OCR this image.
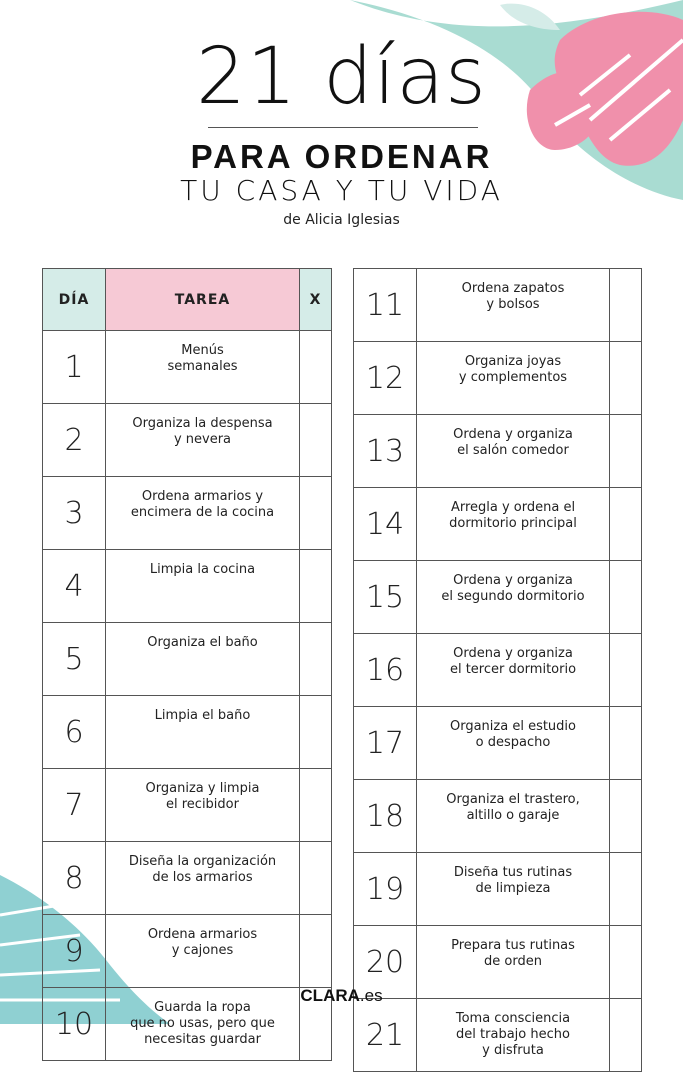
21 días
PARA ORDENAR
TU CASA Y TU VIDA
de Alicia Iglesias
DÍA	TAREA	X
1	Menús
semanales	
2	Organiza la despensa
y nevera	
3	Ordena armarios y
encimera de la cocina	
4	Limpia la cocina	
5	Organiza el baño	
6	Limpia el baño	
7	Organiza y limpia
el recibidor	
8	Diseña la organización
de los armarios	
9	Ordena armarios
y cajones	
10	Guarda la ropa
que no usas, pero que
necesitas guardar	
11	Ordena zapatos
y bolsos	
12	Organiza joyas
y complementos	
13	Ordena y organiza
el salón comedor	
14	Arregla y ordena el
dormitorio principal	
15	Ordena y organiza
el segundo dormitorio	
16	Ordena y organiza
el tercer dormitorio	
17	Organiza el estudio
o despacho	
18	Organiza el trastero,
altillo o garaje	
19	Diseña tus rutinas
de limpieza	
20	Prepara tus rutinas
de orden	
21	Toma consciencia
del trabajo hecho
y disfruta	
CLARA.es
